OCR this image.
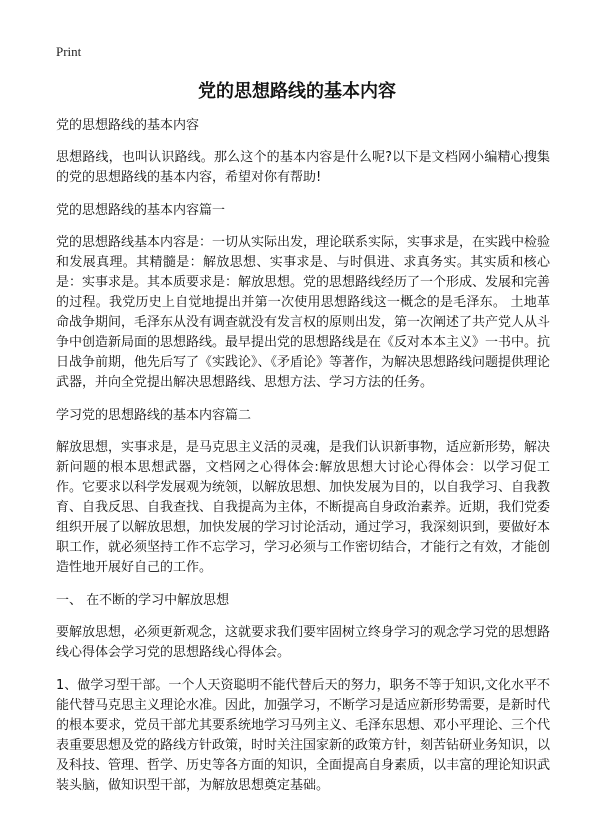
Print
党的思想路线的基本内容
党的思想路线的基本内容
思想路线，也叫认识路线。那么这个的基本内容是什么呢?以下是文档网小编精心搜集的党的思想路线的基本内容，希望对你有帮助!
党的思想路线的基本内容篇一
党的思想路线基本内容是：一切从实际出发，理论联系实际，实事求是，在实践中检验和发展真理。其精髓是：解放思想、实事求是、与时俱进、求真务实。其实质和核心是：实事求是。其本质要求是：解放思想。党的思想路线经历了一个形成、发展和完善的过程。我党历史上自觉地提出并第一次使用思想路线这一概念的是毛泽东。 土地革命战争期间，毛泽东从没有调查就没有发言权的原则出发，第一次阐述了共产党人从斗争中创造新局面的思想路线。最早提出党的思想路线是在《反对本本主义》一书中。抗日战争前期，他先后写了《实践论》、《矛盾论》等著作，为解决思想路线问题提供理论武器，并向全党提出解决思想路线、思想方法、学习方法的任务。
学习党的思想路线的基本内容篇二
解放思想，实事求是，是马克思主义活的灵魂，是我们认识新事物，适应新形势，解决新问题的根本思想武器，文档网之心得体会:解放思想大讨论心得体会：以学习促工作。它要求以科学发展观为统领，以解放思想、加快发展为目的，以自我学习、自我教育、自我反思、自我查找、自我提高为主体，不断提高自身政治素养。近期，我们党委组织开展了以解放思想，加快发展的学习讨论活动，通过学习，我深刻识到，要做好本职工作，就必须坚持工作不忘学习，学习必须与工作密切结合，才能行之有效，才能创造性地开展好自己的工作。
一、 在不断的学习中解放思想
要解放思想，必须更新观念，这就要求我们要牢固树立终身学习的观念学习党的思想路线心得体会学习党的思想路线心得体会。
1、做学习型干部。一个人天资聪明不能代替后天的努力，职务不等于知识,文化水平不能代替马克思主义理论水准。因此，加强学习，不断学习是适应新形势需要，是新时代的根本要求，党员干部尤其要系统地学习马列主义、毛泽东思想、邓小平理论、三个代表重要思想及党的路线方针政策，时时关注国家新的政策方针，刻苦钻研业务知识，以及科技、管理、哲学、历史等各方面的知识，全面提高自身素质，以丰富的理论知识武装头脑，做知识型干部，为解放思想奠定基础。
